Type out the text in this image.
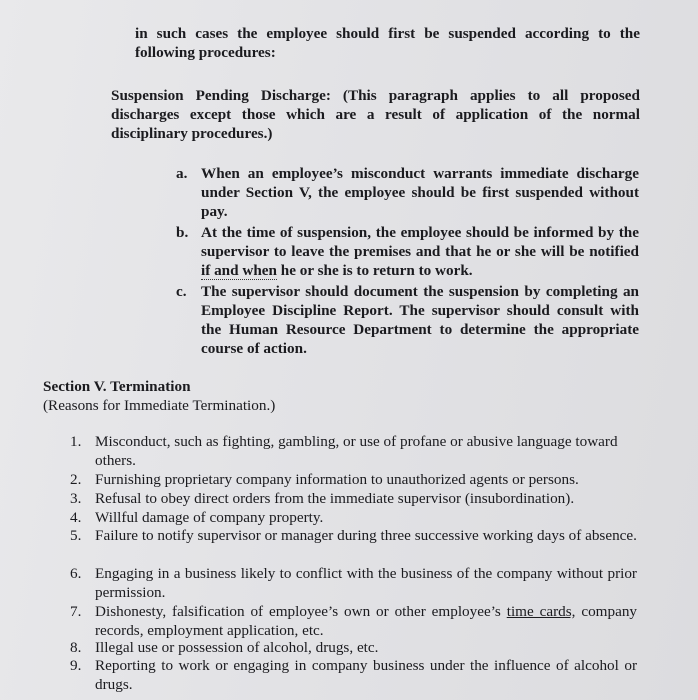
in such cases the employee should first be suspended according to the following procedures:
Suspension Pending Discharge: (This paragraph applies to all proposed discharges except those which are a result of application of the normal disciplinary procedures.)
a. When an employee’s misconduct warrants immediate discharge under Section V, the employee should be first suspended without pay.
b. At the time of suspension, the employee should be informed by the supervisor to leave the premises and that he or she will be notified if and when he or she is to return to work.
c. The supervisor should document the suspension by completing an Employee Discipline Report. The supervisor should consult with the Human Resource Department to determine the appropriate course of action.
Section V. Termination
(Reasons for Immediate Termination.)
1. Misconduct, such as fighting, gambling, or use of profane or abusive language toward others.
2. Furnishing proprietary company information to unauthorized agents or persons.
3. Refusal to obey direct orders from the immediate supervisor (insubordination).
4. Willful damage of company property.
5. Failure to notify supervisor or manager during three successive working days of absence.
6. Engaging in a business likely to conflict with the business of the company without prior permission.
7. Dishonesty, falsification of employee’s own or other employee’s time cards, company records, employment application, etc.
8. Illegal use or possession of alcohol, drugs, etc.
9. Reporting to work or engaging in company business under the influence of alcohol or drugs.
